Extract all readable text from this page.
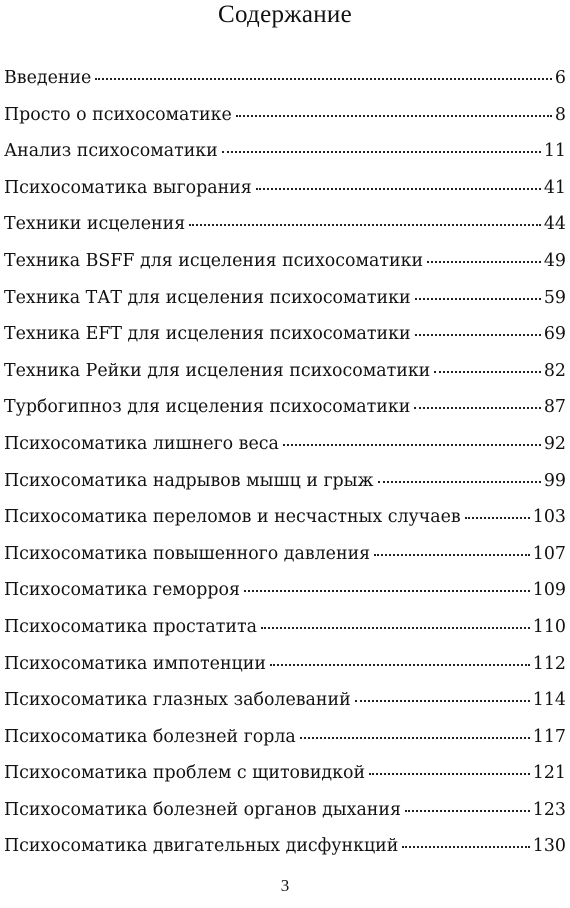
Содержание
Введение	6
Просто о психосоматике	8
Анализ психосоматики	11
Психосоматика выгорания	41
Техники исцеления	44
Техника BSFF для исцеления психосоматики	49
Техника ТАТ для исцеления психосоматики	59
Техника EFT для исцеления психосоматики	69
Техника Рейки для исцеления психосоматики	82
Турбогипноз для исцеления психосоматики	87
Психосоматика лишнего веса	92
Психосоматика надрывов мышц и грыж	99
Психосоматика переломов и несчастных случаев	103
Психосоматика повышенного давления	107
Психосоматика геморроя	109
Психосоматика простатита	110
Психосоматика импотенции	112
Психосоматика глазных заболеваний	114
Психосоматика болезней горла	117
Психосоматика проблем с щитовидкой	121
Психосоматика болезней органов дыхания	123
Психосоматика двигательных дисфункций	130
3
